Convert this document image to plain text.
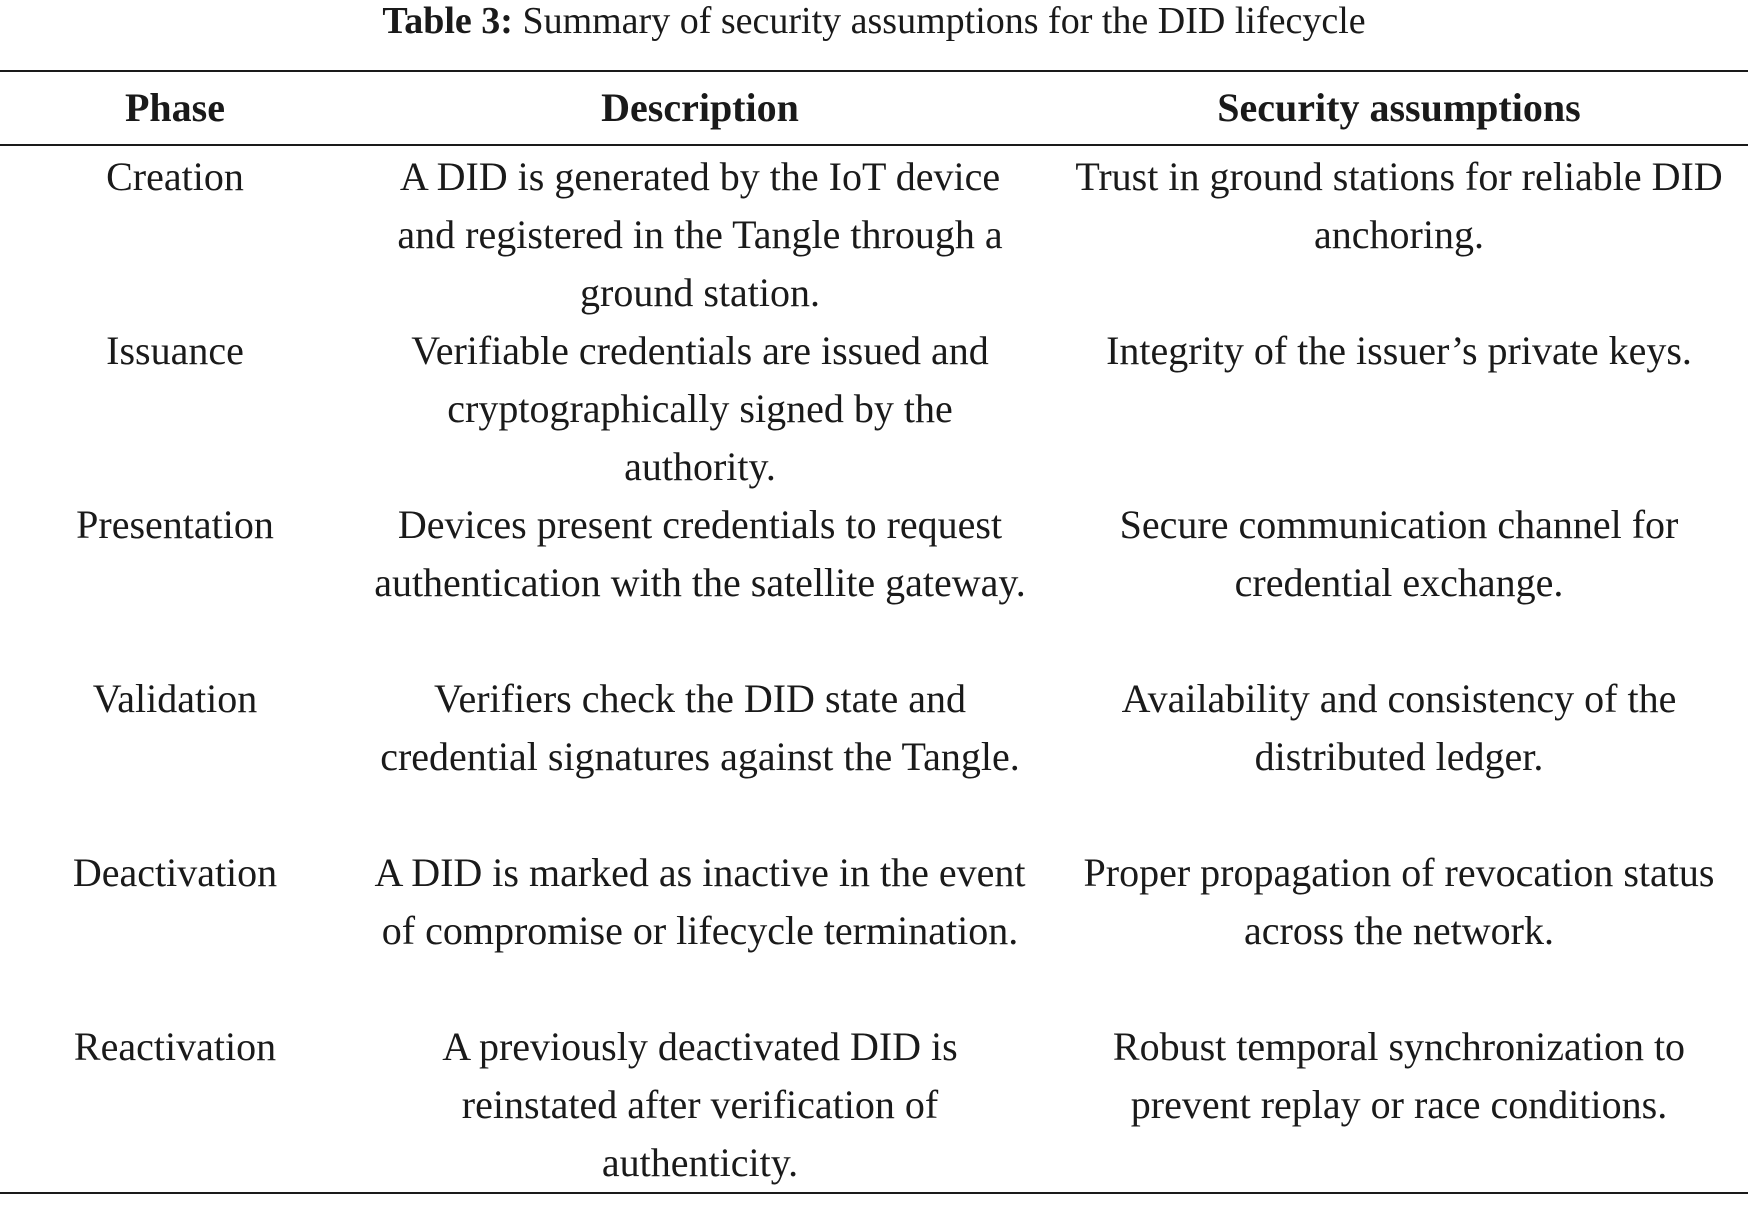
Table 3: Summary of security assumptions for the DID lifecycle
Phase	Description	Security assumptions
Creation	A DID is generated by the IoT device and registered in the Tangle through a ground station.	Trust in ground stations for reliable DID anchoring.

Issuance	Verifiable credentials are issued and cryptographically signed by the authority.	Integrity of the issuer’s private keys.

Presentation	Devices present credentials to request authentication with the satellite gateway.	Secure communication channel for credential exchange.

Validation	Verifiers check the DID state and credential signatures against the Tangle.	Availability and consistency of the distributed ledger.

Deactivation	A DID is marked as inactive in the event of compromise or lifecycle termination.	Proper propagation of revocation status across the network.

Reactivation	A previously deactivated DID is reinstated after verification of authenticity.	Robust temporal synchronization to prevent replay or race conditions.
